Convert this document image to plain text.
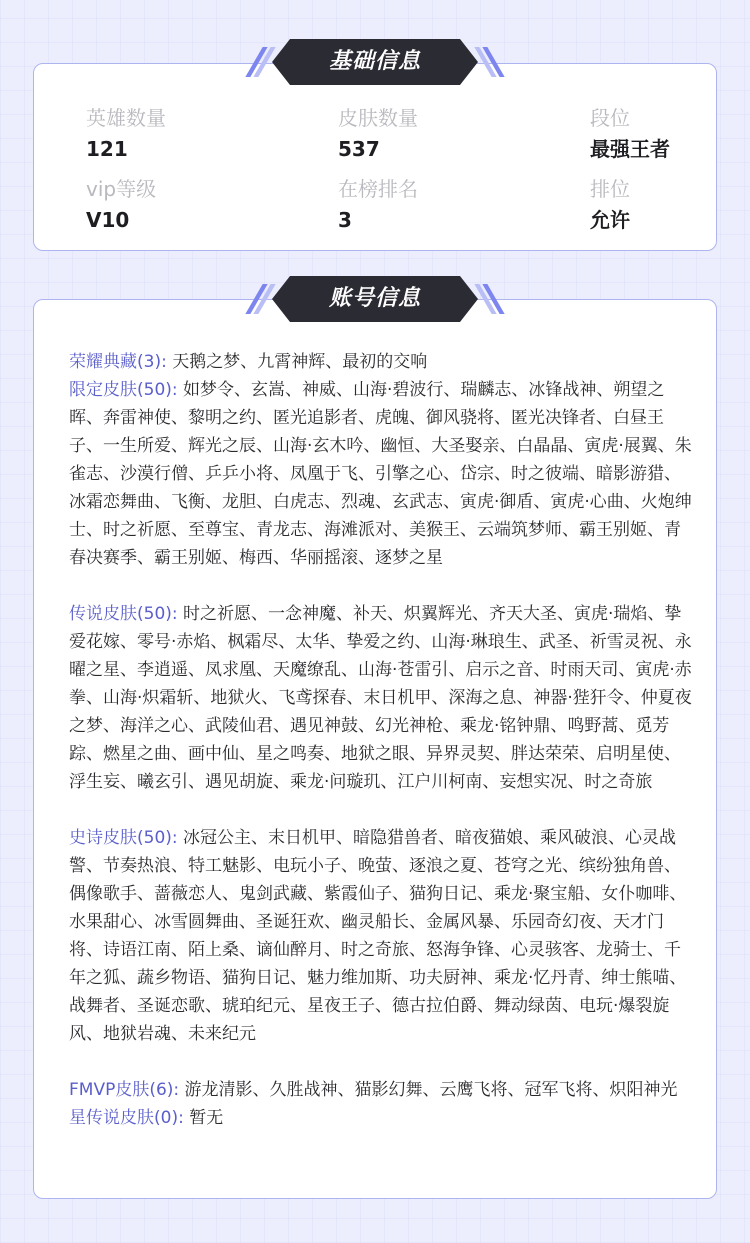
英雄数量
121
皮肤数量
537
段位
最强王者
vip等级
V10
在榜排名
3
排位
允许
基础信息

荣耀典藏(3): 天鹅之梦、九霄神辉、最初的交响

限定皮肤(50): 如梦令、玄嵩、神威、山海·碧波行、瑞麟志、冰锋战神、朔望之晖、奔雷神使、黎明之约、匿光追影者、虎魄、御风骁将、匿光决锋者、白昼王子、一生所爱、辉光之辰、山海·玄木吟、幽恒、大圣娶亲、白晶晶、寅虎·展翼、朱雀志、沙漠行僧、乒乒小将、凤凰于飞、引擎之心、岱宗、时之彼端、暗影游猎、冰霜恋舞曲、飞衡、龙胆、白虎志、烈魂、玄武志、寅虎·御盾、寅虎·心曲、火炮绅士、时之祈愿、至尊宝、青龙志、海滩派对、美猴王、云端筑梦师、霸王别姬、青春决赛季、霸王别姬、梅西、华丽摇滚、逐梦之星

传说皮肤(50): 时之祈愿、一念神魔、补天、炽翼辉光、齐天大圣、寅虎·瑞焰、挚爱花嫁、零号·赤焰、枫霜尽、太华、挚爱之约、山海·琳琅生、武圣、祈雪灵祝、永曜之星、李逍遥、凤求凰、天魔缭乱、山海·苍雷引、启示之音、时雨天司、寅虎·赤拳、山海·炽霜斩、地狱火、飞鸢探春、末日机甲、深海之息、神器·狴犴令、仲夏夜之梦、海洋之心、武陵仙君、遇见神鼓、幻光神枪、乘龙·铭钟鼎、鸣野蒿、觅芳踪、燃星之曲、画中仙、星之鸣奏、地狱之眼、异界灵契、胖达荣荣、启明星使、浮生妄、曦玄引、遇见胡旋、乘龙·问璇玑、江户川柯南、妄想实况、时之奇旅

史诗皮肤(50): 冰冠公主、末日机甲、暗隐猎兽者、暗夜猫娘、乘风破浪、心灵战警、节奏热浪、特工魅影、电玩小子、晚萤、逐浪之夏、苍穹之光、缤纷独角兽、偶像歌手、蔷薇恋人、鬼剑武藏、紫霞仙子、猫狗日记、乘龙·聚宝船、女仆咖啡、水果甜心、冰雪圆舞曲、圣诞狂欢、幽灵船长、金属风暴、乐园奇幻夜、天才门将、诗语江南、陌上桑、谪仙醉月、时之奇旅、怒海争锋、心灵骇客、龙骑士、千年之狐、蔬乡物语、猫狗日记、魅力维加斯、功夫厨神、乘龙·忆丹青、绅士熊喵、战舞者、圣诞恋歌、琥珀纪元、星夜王子、德古拉伯爵、舞动绿茵、电玩·爆裂旋风、地狱岩魂、未来纪元

FMVP皮肤(6): 游龙清影、久胜战神、猫影幻舞、云鹰飞将、冠军飞将、炽阳神光

星传说皮肤(0): 暂无

账号信息
